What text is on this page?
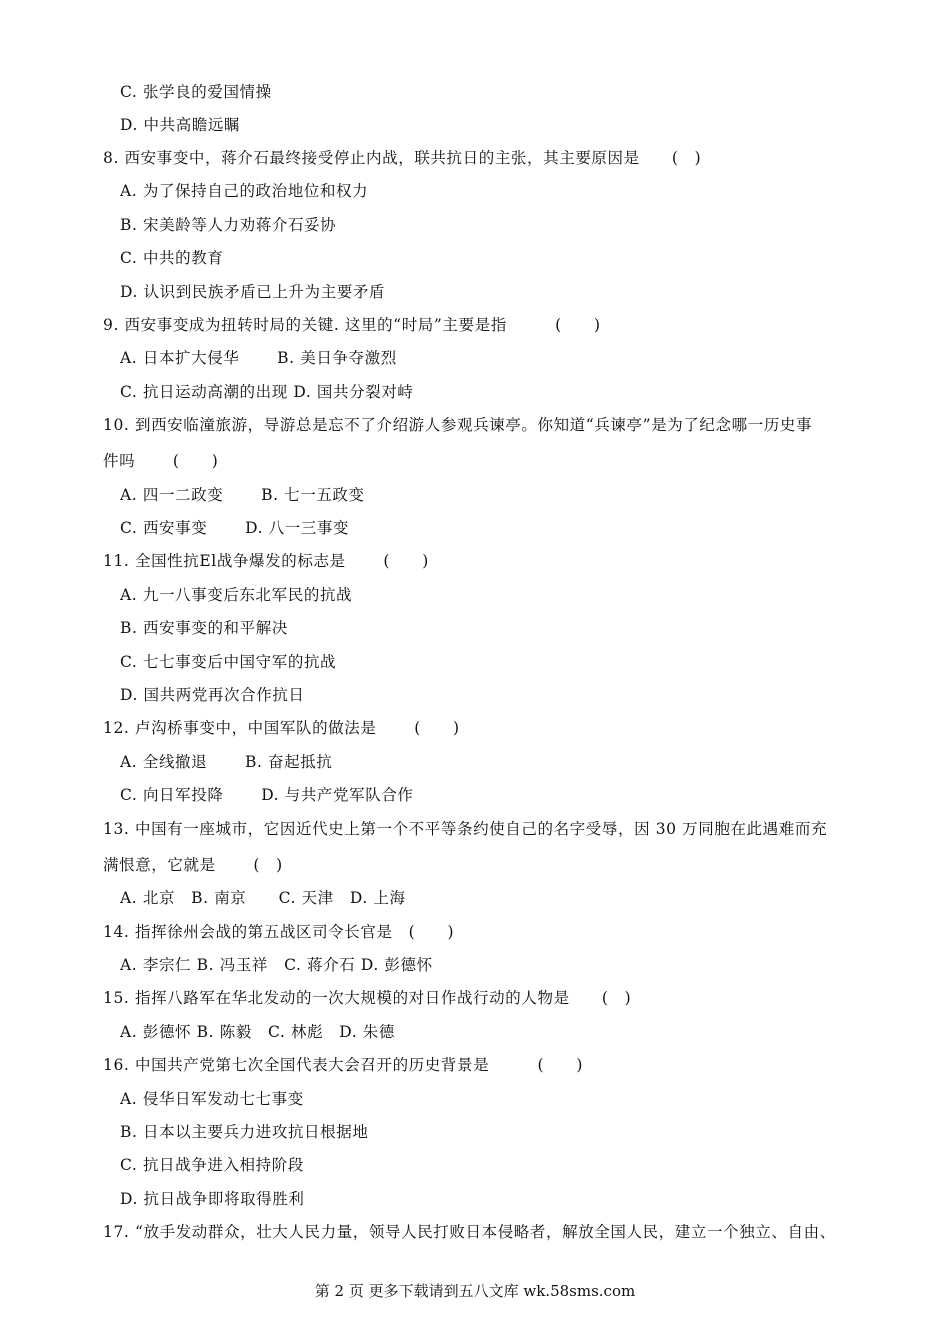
C. 张学良的爱国情操
D. 中共高瞻远瞩
8. 西安事变中，蒋介石最终接受停止内战，联共抗日的主张，其主要原因是　　(　)
A. 为了保持自己的政治地位和权力
B. 宋美龄等人力劝蒋介石妥协
C. 中共的教育
D. 认识到民族矛盾已上升为主要矛盾
9. 西安事变成为扭转时局的关键. 这里的“时局”主要是指　　　(　　)
A. 日本扩大侵华　　 B. 美日争夺激烈
C. 抗日运动高潮的出现 D. 国共分裂对峙
10. 到西安临潼旅游，导游总是忘不了介绍游人参观兵谏亭。你知道“兵谏亭”是为了纪念哪一历史事
件吗　　 (　　)
A. 四一二政变　　 B. 七一五政变
C. 西安事变　　 D. 八一三事变
11. 全国性抗El战争爆发的标志是　　 (　　)
A. 九一八事变后东北军民的抗战
B. 西安事变的和平解决
C. 七七事变后中国守军的抗战
D. 国共两党再次合作抗日
12. 卢沟桥事变中，中国军队的做法是　　 (　　)
A. 全线撤退　　 B. 奋起抵抗
C. 向日军投降　　 D. 与共产党军队合作
13. 中国有一座城市，它因近代史上第一个不平等条约使自己的名字受辱，因 30 万同胞在此遇难而充
满恨意，它就是　　 (　)
A. 北京　B. 南京　　C. 天津　D. 上海
14. 指挥徐州会战的第五战区司令长官是　(　　)
A. 李宗仁 B. 冯玉祥　C. 蒋介石 D. 彭德怀
15. 指挥八路军在华北发动的一次大规模的对日作战行动的人物是　　(　)
A. 彭德怀 B. 陈毅　C. 林彪　D. 朱德
16. 中国共产党第七次全国代表大会召开的历史背景是　　　(　　)
A. 侵华日军发动七七事变
B. 日本以主要兵力进攻抗日根据地
C. 抗日战争进入相持阶段
D. 抗日战争即将取得胜利
17. “放手发动群众，壮大人民力量，领导人民打败日本侵略者，解放全国人民，建立一个独立、自由、
第 2 页 更多下载请到五八文库 wk.58sms.com
